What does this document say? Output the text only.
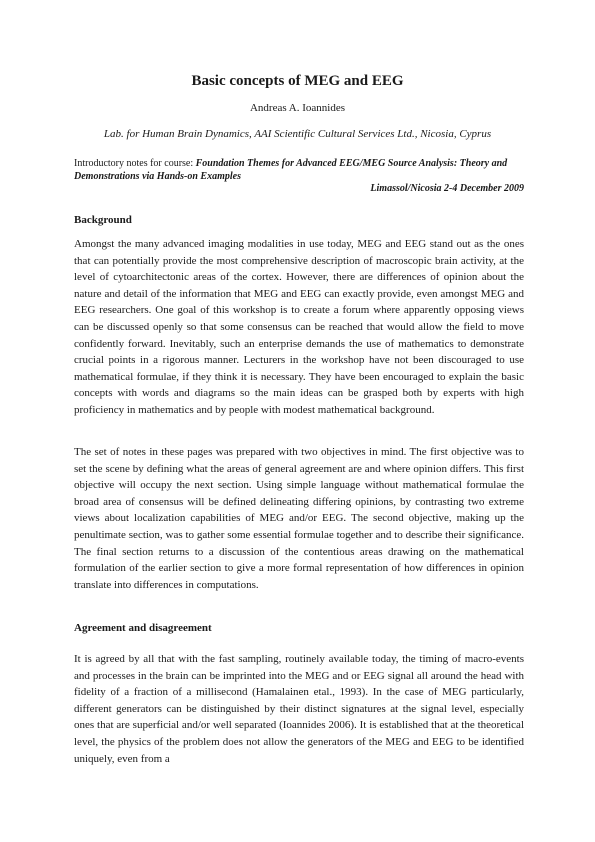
Basic concepts of MEG and EEG
Andreas A. Ioannides
Lab. for Human Brain Dynamics, AAI Scientific Cultural Services Ltd., Nicosia, Cyprus
Introductory notes for course: Foundation Themes for Advanced EEG/MEG Source Analysis: Theory and Demonstrations via Hands-on Examples
Limassol/Nicosia 2-4 December 2009
Background
Amongst the many advanced imaging modalities in use today, MEG and EEG stand out as the ones that can potentially provide the most comprehensive description of macroscopic brain activity, at the level of cytoarchitectonic areas of the cortex. However, there are differences of opinion about the nature and detail of the information that MEG and EEG can exactly provide, even amongst MEG and EEG researchers. One goal of this workshop is to create a forum where apparently opposing views can be discussed openly so that some consensus can be reached that would allow the field to move confidently forward. Inevitably, such an enterprise demands the use of mathematics to demonstrate crucial points in a rigorous manner. Lecturers in the workshop have not been discouraged to use mathematical formulae, if they think it is necessary. They have been encouraged to explain the basic concepts with words and diagrams so the main ideas can be grasped both by experts with high proficiency in mathematics and by people with modest mathematical background.
The set of notes in these pages was prepared with two objectives in mind. The first objective was to set the scene by defining what the areas of general agreement are and where opinion differs. This first objective will occupy the next section. Using simple language without mathematical formulae the broad area of consensus will be defined delineating differing opinions, by contrasting two extreme views about localization capabilities of MEG and/or EEG. The second objective, making up the penultimate section, was to gather some essential formulae together and to describe their significance. The final section returns to a discussion of the contentious areas drawing on the mathematical formulation of the earlier section to give a more formal representation of how differences in opinion translate into differences in computations.
Agreement and disagreement
It is agreed by all that with the fast sampling, routinely available today, the timing of macro-events and processes in the brain can be imprinted into the MEG and or EEG signal all around the head with fidelity of a fraction of a millisecond (Hamalainen etal., 1993). In the case of MEG particularly, different generators can be distinguished by their distinct signatures at the signal level, especially ones that are superficial and/or well separated (Ioannides 2006). It is established that at the theoretical level, the physics of the problem does not allow the generators of the MEG and EEG to be identified uniquely, even from a
